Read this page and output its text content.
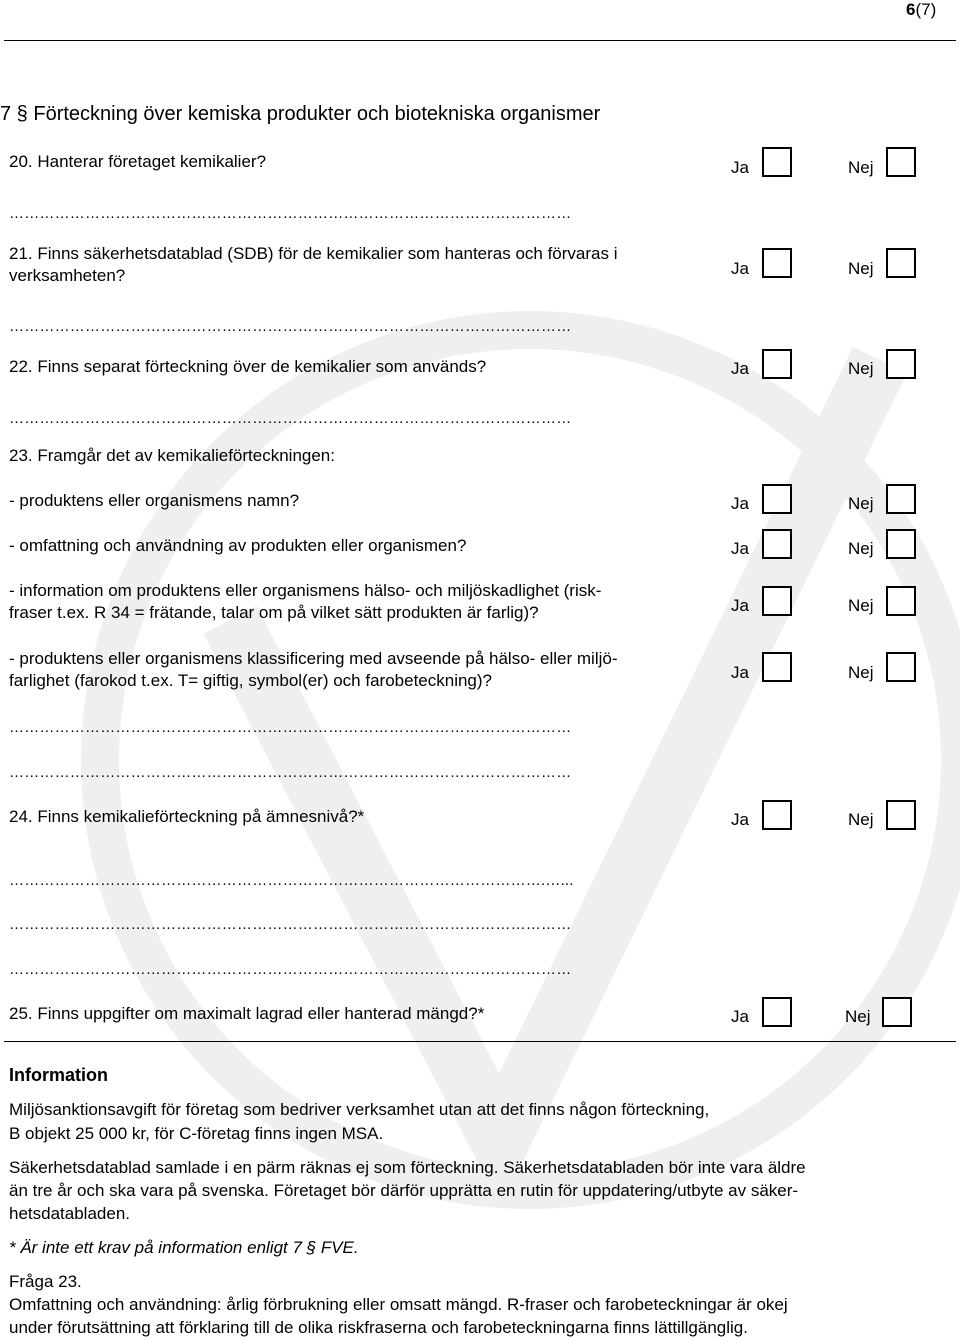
6(7)
7 § Förteckning över kemiska produkter och biotekniska organismer
20. Hanterar företaget kemikalier?	Ja	Nej
…………………………………………………………………………………………………
21. Finns säkerhetsdatablad (SDB) för de kemikalier som hanteras och förvaras i
verksamheten?	Ja	Nej
…………………………………………………………………………………………………
22. Finns separat förteckning över de kemikalier som används?	Ja	Nej
…………………………………………………………………………………………………
23. Framgår det av kemikalieförteckningen:
- produktens eller organismens namn?	Ja	Nej
- omfattning och användning av produkten eller organismen?	Ja	Nej
- information om produktens eller organismens hälso- och miljöskadlighet (risk-
fraser t.ex. R 34 = frätande, talar om på vilket sätt produkten är farlig)?	Ja	Nej
- produktens eller organismens klassificering med avseende på hälso- eller miljö-
farlighet (farokod t.ex. T= giftig, symbol(er) och farobeteckning)?	Ja	Nej
…………………………………………………………………………………………………
…………………………………………………………………………………………………
24. Finns kemikalieförteckning på ämnesnivå?*	Ja	Nej
…………………………………………………………………………………………….…...
…………………………………………………………………………………………………
…………………………………………………………………………………………………
25. Finns uppgifter om maximalt lagrad eller hanterad mängd?*	Ja	Nej
Information
Miljösanktionsavgift för företag som bedriver verksamhet utan att det finns någon förteckning,
B objekt 25 000 kr, för C-företag finns ingen MSA.
Säkerhetsdatablad samlade i en pärm räknas ej som förteckning. Säkerhetsdatabladen bör inte vara äldre
än tre år och ska vara på svenska. Företaget bör därför upprätta en rutin för uppdatering/utbyte av säker-
hetsdatabladen.
* Är inte ett krav på information enligt 7 § FVE.
Fråga 23.
Omfattning och användning: årlig förbrukning eller omsatt mängd. R-fraser och farobeteckningar är okej
under förutsättning att förklaring till de olika riskfraserna och farobeteckningarna finns lättillgänglig.
